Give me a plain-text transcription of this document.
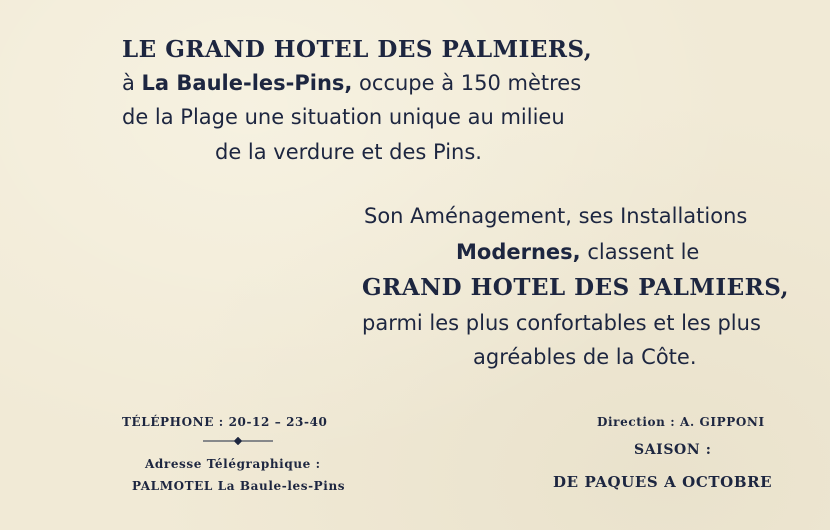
LE GRAND HOTEL DES PALMIERS,
à La Baule-les-Pins, occupe à 150 mètres
de la Plage une situation unique au milieu
de la verdure et des Pins.
Son Aménagement, ses Installations
Modernes, classent le
GRAND HOTEL DES PALMIERS,
parmi les plus confortables et les plus
agréables de la Côte.
TÉLÉPHONE : 20-12 – 23-40
Adresse Télégraphique :
PALMOTEL La Baule-les-Pins
Direction : A. GIPPONI
SAISON :
DE PAQUES A OCTOBRE
